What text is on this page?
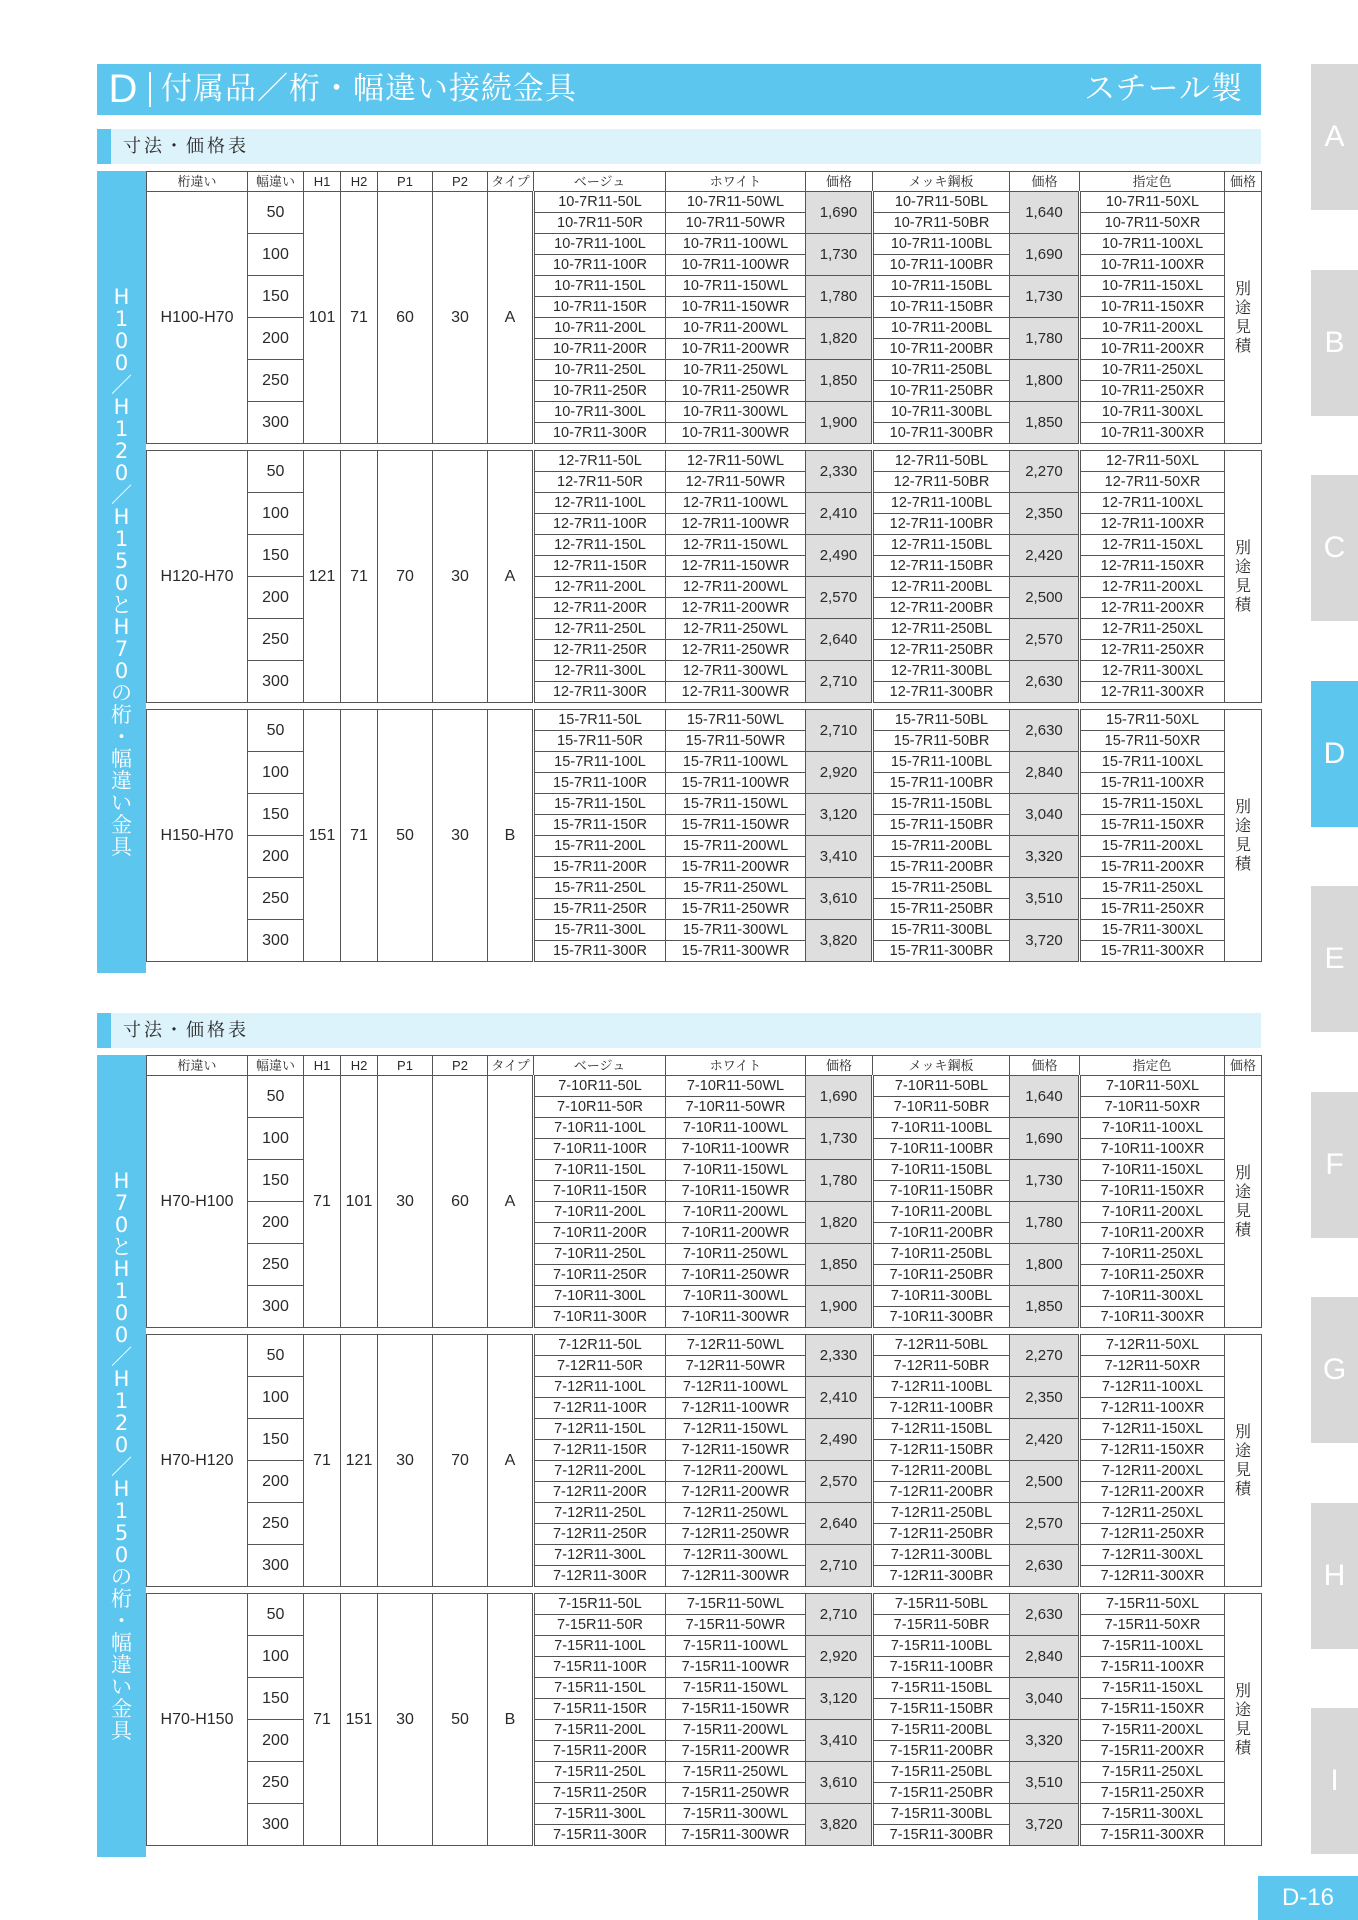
D 付属品／桁・幅違い接続金具	スチール製
寸法・価格表
H
1
0
0
／
H
1
2
0
／
H
1
5
0
と
H
7
0
の
桁
・
幅
違
い
金
具
桁違い	幅違い	H1	H2	P1	P2	タイプ	ベージュ	ホワイト	価格	メッキ鋼板	価格	指定色	価格
H100-H70	50	101	71	60	30	A	10-7R11-50L	10-7R11-50WL	1,690	10-7R11-50BL	1,640	10-7R11-50XL	別
途
見
積

							10-7R11-50R	10-7R11-50WR		10-7R11-50BR		10-7R11-50XR	
	100						10-7R11-100L	10-7R11-100WL	1,730	10-7R11-100BL	1,690	10-7R11-100XL	
							10-7R11-100R	10-7R11-100WR		10-7R11-100BR		10-7R11-100XR	
	150						10-7R11-150L	10-7R11-150WL	1,780	10-7R11-150BL	1,730	10-7R11-150XL	
							10-7R11-150R	10-7R11-150WR		10-7R11-150BR		10-7R11-150XR	
	200						10-7R11-200L	10-7R11-200WL	1,820	10-7R11-200BL	1,780	10-7R11-200XL	
							10-7R11-200R	10-7R11-200WR		10-7R11-200BR		10-7R11-200XR	
	250						10-7R11-250L	10-7R11-250WL	1,850	10-7R11-250BL	1,800	10-7R11-250XL	
							10-7R11-250R	10-7R11-250WR		10-7R11-250BR		10-7R11-250XR	
	300						10-7R11-300L	10-7R11-300WL	1,900	10-7R11-300BL	1,850	10-7R11-300XL	
							10-7R11-300R	10-7R11-300WR		10-7R11-300BR		10-7R11-300XR	

H120-H70	50	121	71	70	30	A	12-7R11-50L	12-7R11-50WL	2,330	12-7R11-50BL	2,270	12-7R11-50XL	別
途
見
積

							12-7R11-50R	12-7R11-50WR		12-7R11-50BR		12-7R11-50XR	
	100						12-7R11-100L	12-7R11-100WL	2,410	12-7R11-100BL	2,350	12-7R11-100XL	
							12-7R11-100R	12-7R11-100WR		12-7R11-100BR		12-7R11-100XR	
	150						12-7R11-150L	12-7R11-150WL	2,490	12-7R11-150BL	2,420	12-7R11-150XL	
							12-7R11-150R	12-7R11-150WR		12-7R11-150BR		12-7R11-150XR	
	200						12-7R11-200L	12-7R11-200WL	2,570	12-7R11-200BL	2,500	12-7R11-200XL	
							12-7R11-200R	12-7R11-200WR		12-7R11-200BR		12-7R11-200XR	
	250						12-7R11-250L	12-7R11-250WL	2,640	12-7R11-250BL	2,570	12-7R11-250XL	
							12-7R11-250R	12-7R11-250WR		12-7R11-250BR		12-7R11-250XR	
	300						12-7R11-300L	12-7R11-300WL	2,710	12-7R11-300BL	2,630	12-7R11-300XL	
							12-7R11-300R	12-7R11-300WR		12-7R11-300BR		12-7R11-300XR	

H150-H70	50	151	71	50	30	B	15-7R11-50L	15-7R11-50WL	2,710	15-7R11-50BL	2,630	15-7R11-50XL	別
途
見
積

							15-7R11-50R	15-7R11-50WR		15-7R11-50BR		15-7R11-50XR	
	100						15-7R11-100L	15-7R11-100WL	2,920	15-7R11-100BL	2,840	15-7R11-100XL	
							15-7R11-100R	15-7R11-100WR		15-7R11-100BR		15-7R11-100XR	
	150						15-7R11-150L	15-7R11-150WL	3,120	15-7R11-150BL	3,040	15-7R11-150XL	
							15-7R11-150R	15-7R11-150WR		15-7R11-150BR		15-7R11-150XR	
	200						15-7R11-200L	15-7R11-200WL	3,410	15-7R11-200BL	3,320	15-7R11-200XL	
							15-7R11-200R	15-7R11-200WR		15-7R11-200BR		15-7R11-200XR	
	250						15-7R11-250L	15-7R11-250WL	3,610	15-7R11-250BL	3,510	15-7R11-250XL	
							15-7R11-250R	15-7R11-250WR		15-7R11-250BR		15-7R11-250XR	
	300						15-7R11-300L	15-7R11-300WL	3,820	15-7R11-300BL	3,720	15-7R11-300XL	
							15-7R11-300R	15-7R11-300WR		15-7R11-300BR		15-7R11-300XR	
寸法・価格表
H
7
0
と
H
1
0
0
／
H
1
2
0
／
H
1
5
0
の
桁
・
幅
違
い
金
具
桁違い	幅違い	H1	H2	P1	P2	タイプ	ベージュ	ホワイト	価格	メッキ鋼板	価格	指定色	価格
H70-H100	50	71	101	30	60	A	7-10R11-50L	7-10R11-50WL	1,690	7-10R11-50BL	1,640	7-10R11-50XL	別
途
見
積

							7-10R11-50R	7-10R11-50WR		7-10R11-50BR		7-10R11-50XR	
	100						7-10R11-100L	7-10R11-100WL	1,730	7-10R11-100BL	1,690	7-10R11-100XL	
							7-10R11-100R	7-10R11-100WR		7-10R11-100BR		7-10R11-100XR	
	150						7-10R11-150L	7-10R11-150WL	1,780	7-10R11-150BL	1,730	7-10R11-150XL	
							7-10R11-150R	7-10R11-150WR		7-10R11-150BR		7-10R11-150XR	
	200						7-10R11-200L	7-10R11-200WL	1,820	7-10R11-200BL	1,780	7-10R11-200XL	
							7-10R11-200R	7-10R11-200WR		7-10R11-200BR		7-10R11-200XR	
	250						7-10R11-250L	7-10R11-250WL	1,850	7-10R11-250BL	1,800	7-10R11-250XL	
							7-10R11-250R	7-10R11-250WR		7-10R11-250BR		7-10R11-250XR	
	300						7-10R11-300L	7-10R11-300WL	1,900	7-10R11-300BL	1,850	7-10R11-300XL	
							7-10R11-300R	7-10R11-300WR		7-10R11-300BR		7-10R11-300XR	

H70-H120	50	71	121	30	70	A	7-12R11-50L	7-12R11-50WL	2,330	7-12R11-50BL	2,270	7-12R11-50XL	別
途
見
積

							7-12R11-50R	7-12R11-50WR		7-12R11-50BR		7-12R11-50XR	
	100						7-12R11-100L	7-12R11-100WL	2,410	7-12R11-100BL	2,350	7-12R11-100XL	
							7-12R11-100R	7-12R11-100WR		7-12R11-100BR		7-12R11-100XR	
	150						7-12R11-150L	7-12R11-150WL	2,490	7-12R11-150BL	2,420	7-12R11-150XL	
							7-12R11-150R	7-12R11-150WR		7-12R11-150BR		7-12R11-150XR	
	200						7-12R11-200L	7-12R11-200WL	2,570	7-12R11-200BL	2,500	7-12R11-200XL	
							7-12R11-200R	7-12R11-200WR		7-12R11-200BR		7-12R11-200XR	
	250						7-12R11-250L	7-12R11-250WL	2,640	7-12R11-250BL	2,570	7-12R11-250XL	
							7-12R11-250R	7-12R11-250WR		7-12R11-250BR		7-12R11-250XR	
	300						7-12R11-300L	7-12R11-300WL	2,710	7-12R11-300BL	2,630	7-12R11-300XL	
							7-12R11-300R	7-12R11-300WR		7-12R11-300BR		7-12R11-300XR	

H70-H150	50	71	151	30	50	B	7-15R11-50L	7-15R11-50WL	2,710	7-15R11-50BL	2,630	7-15R11-50XL	別
途
見
積

							7-15R11-50R	7-15R11-50WR		7-15R11-50BR		7-15R11-50XR	
	100						7-15R11-100L	7-15R11-100WL	2,920	7-15R11-100BL	2,840	7-15R11-100XL	
							7-15R11-100R	7-15R11-100WR		7-15R11-100BR		7-15R11-100XR	
	150						7-15R11-150L	7-15R11-150WL	3,120	7-15R11-150BL	3,040	7-15R11-150XL	
							7-15R11-150R	7-15R11-150WR		7-15R11-150BR		7-15R11-150XR	
	200						7-15R11-200L	7-15R11-200WL	3,410	7-15R11-200BL	3,320	7-15R11-200XL	
							7-15R11-200R	7-15R11-200WR		7-15R11-200BR		7-15R11-200XR	
	250						7-15R11-250L	7-15R11-250WL	3,610	7-15R11-250BL	3,510	7-15R11-250XL	
							7-15R11-250R	7-15R11-250WR		7-15R11-250BR		7-15R11-250XR	
	300						7-15R11-300L	7-15R11-300WL	3,820	7-15R11-300BL	3,720	7-15R11-300XL	
							7-15R11-300R	7-15R11-300WR		7-15R11-300BR		7-15R11-300XR	
A
B
C
D
E
F
G
H
I
D-16
